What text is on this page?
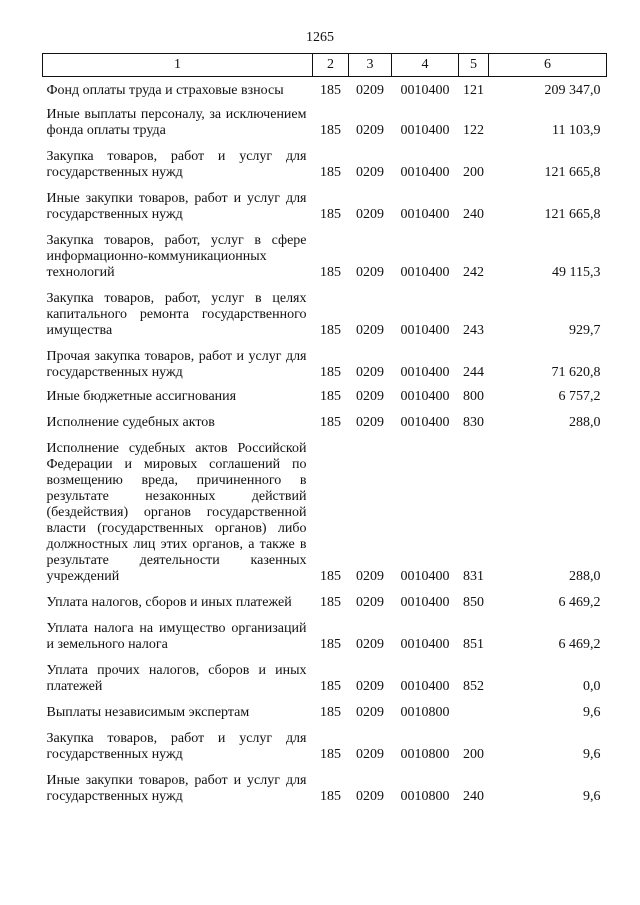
1265
1	2	3	4	5	6
Фонд оплаты труда и страховые взносы	185	0209	0010400	121	209 347,0
Иные выплаты персоналу, за исключением фонда оплаты труда	185	0209	0010400	122	11 103,9
Закупка товаров, работ и услуг для государственных нужд	185	0209	0010400	200	121 665,8
Иные закупки товаров, работ и услуг для государственных нужд	185	0209	0010400	240	121 665,8
Закупка товаров, работ, услуг в сфере информационно-коммуникационных технологий	185	0209	0010400	242	49 115,3
Закупка товаров, работ, услуг в целях капитального ремонта государственного имущества	185	0209	0010400	243	929,7
Прочая закупка товаров, работ и услуг для государственных нужд	185	0209	0010400	244	71 620,8
Иные бюджетные ассигнования	185	0209	0010400	800	6 757,2
Исполнение судебных актов	185	0209	0010400	830	288,0
Исполнение судебных актов Российской Федерации и мировых соглашений по возмещению вреда, причиненного в результате незаконных действий (бездействия) органов государственной власти (государственных органов) либо должностных лиц этих органов, а также в результате деятельности казенных учреждений	185	0209	0010400	831	288,0
Уплата налогов, сборов и иных платежей	185	0209	0010400	850	6 469,2
Уплата налога на имущество организаций и земельного налога	185	0209	0010400	851	6 469,2
Уплата прочих налогов, сборов и иных платежей	185	0209	0010400	852	0,0
Выплаты независимым экспертам	185	0209	0010800		9,6
Закупка товаров, работ и услуг для государственных нужд	185	0209	0010800	200	9,6
Иные закупки товаров, работ и услуг для государственных нужд	185	0209	0010800	240	9,6
